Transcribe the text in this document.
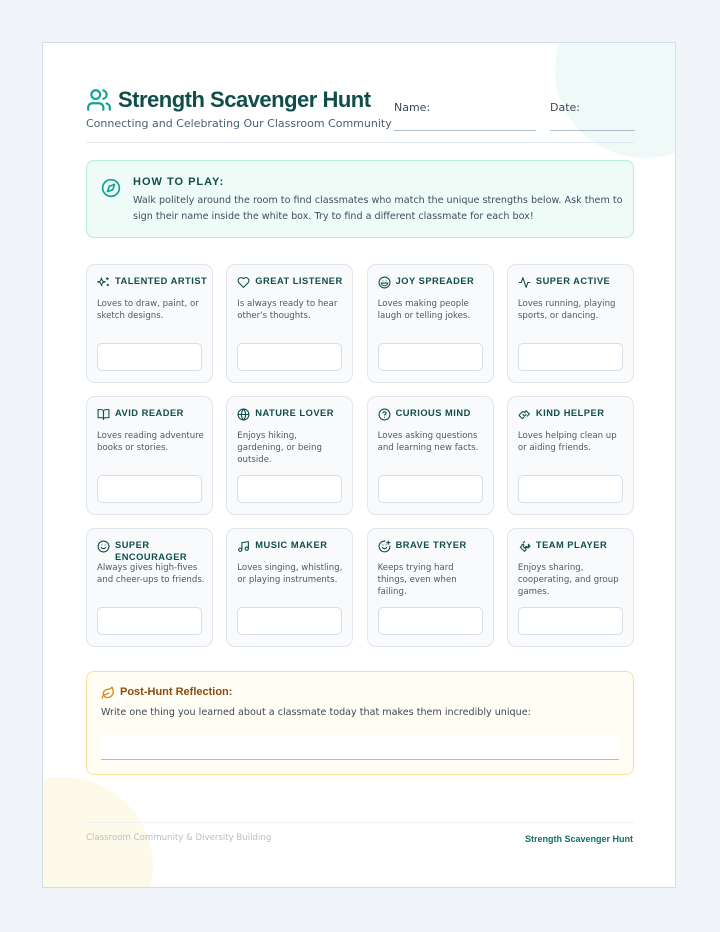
Strength Scavenger Hunt
Connecting and Celebrating Our Classroom Community
Name:	Date:
HOW TO PLAY:
Walk politely around the room to find classmates who match the unique strengths below. Ask them to sign their name inside the white box. Try to find a different classmate for each box!
TALENTED ARTIST
Loves to draw, paint, or sketch designs.
GREAT LISTENER
Is always ready to hear other's thoughts.
JOY SPREADER
Loves making people laugh or telling jokes.
SUPER ACTIVE
Loves running, playing sports, or dancing.
AVID READER
Loves reading adventure books or stories.
NATURE LOVER
Enjoys hiking, gardening, or being outside.
CURIOUS MIND
Loves asking questions and learning new facts.
KIND HELPER
Loves helping clean up or aiding friends.
SUPER ENCOURAGER
Always gives high-fives and cheer-ups to friends.
MUSIC MAKER
Loves singing, whistling, or playing instruments.
BRAVE TRYER
Keeps trying hard things, even when failing.
TEAM PLAYER
Enjoys sharing, cooperating, and group games.
Post-Hunt Reflection:
Write one thing you learned about a classmate today that makes them incredibly unique:
Classroom Community & Diversity Building	Strength Scavenger Hunt
